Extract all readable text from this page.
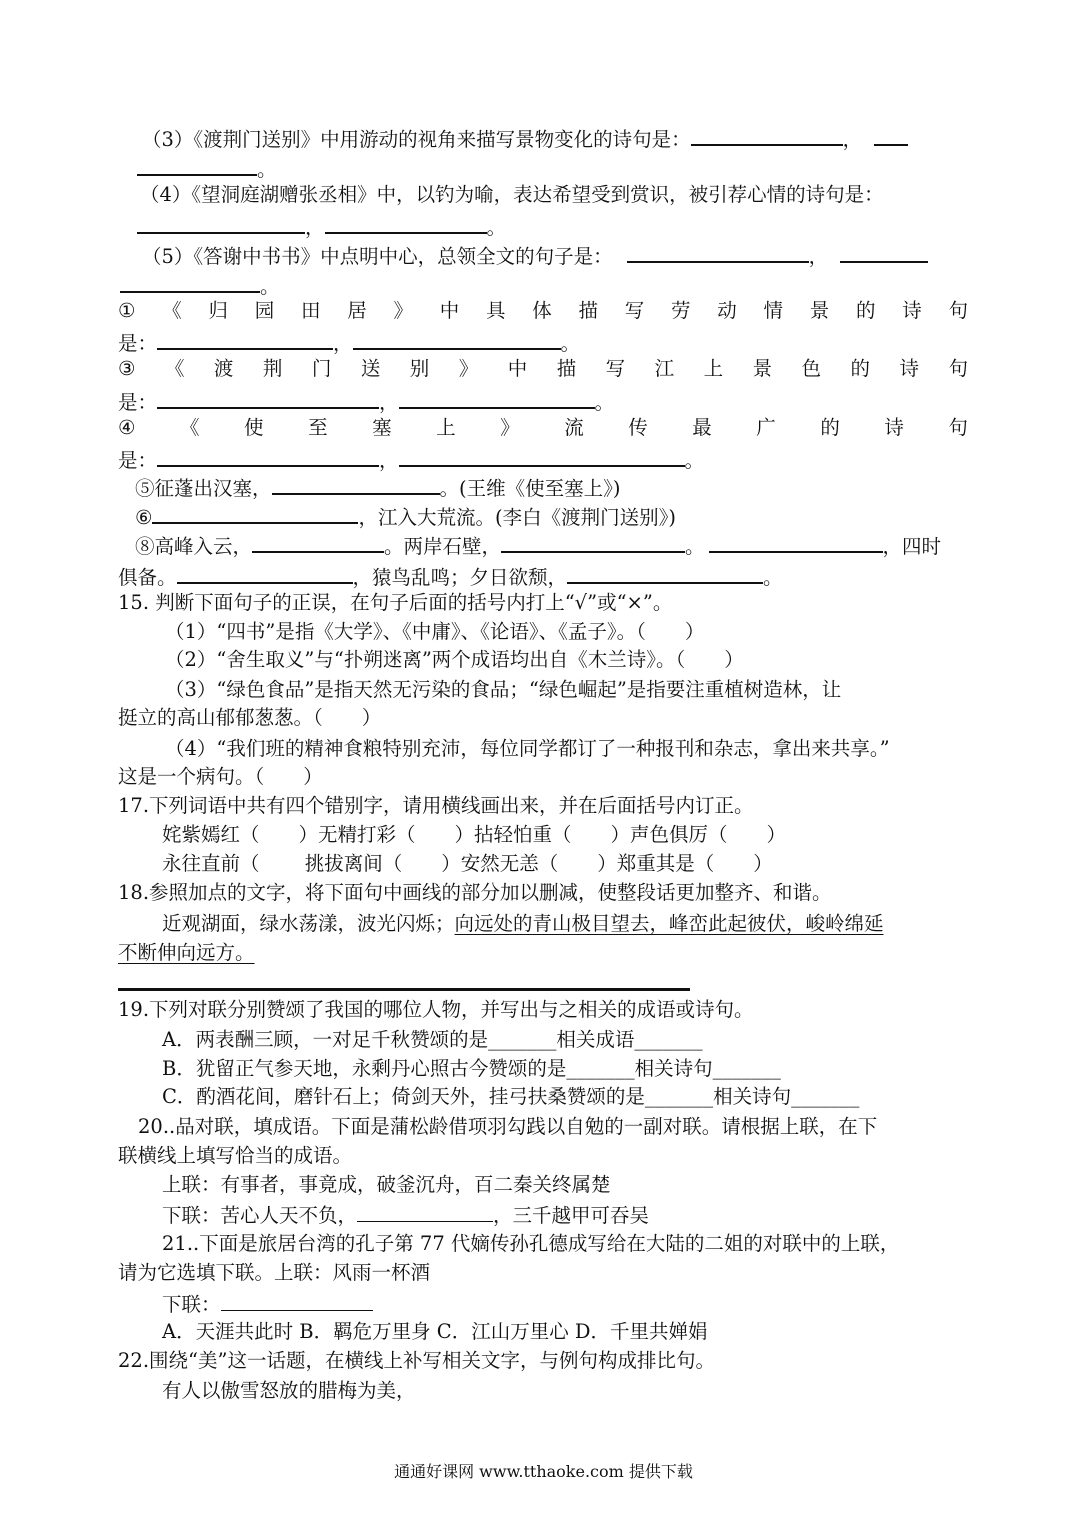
（3）《渡荆门送别》中用游动的视角来描写景物变化的诗句是：	，
。
（4）《望洞庭湖赠张丞相》中，以钓为喻，表达希望受到赏识，被引荐心情的诗句是：
，	。
（5）《答谢中书书》中点明中心，总领全文的句子是：	，
。
① 《 归 园 田 居 》 中 具 体 描 写 劳 动 情 景 的 诗 句
是：	，	。
③ 《 渡 荆 门 送 别 》 中 描 写 江 上 景 色 的 诗 句
是：	，	。
④ 《 使 至 塞 上 》 流 传 最 广 的 诗 句
是：	，	。
⑤征蓬出汉塞，	。(王维《使至塞上》)
⑥	，江入大荒流。(李白《渡荆门送别》)
⑧高峰入云，	。两岸石壁，	。	，四时
俱备。	，猿鸟乱鸣；夕日欲颓，	。
15. 判断下面句子的正误，在句子后面的括号内打上“√”或“×”。
（1）“四书”是指《大学》、《中庸》、《论语》、《孟子》。（　　）
（2）“舍生取义”与“扑朔迷离”两个成语均出自《木兰诗》。（　　）
（3）“绿色食品”是指天然无污染的食品；“绿色崛起”是指要注重植树造林，让
挺立的高山郁郁葱葱。（　　）
（4）“我们班的精神食粮特别充沛，每位同学都订了一种报刊和杂志，拿出来共享。”
这是一个病句。（　　）
17.下列词语中共有四个错别字，请用横线画出来，并在后面括号内订正。
姹紫嫣红（　　）无精打彩（　　）拈轻怕重（　　）声色俱厉（　　）
永往直前（　　 挑拔离间（　　）安然无恙（　　）郑重其是（　　）
18.参照加点的文字，将下面句中画线的部分加以删减，使整段话更加整齐、和谐。
近观湖面，绿水荡漾，波光闪烁；向远处的青山极目望去，峰峦此起彼伏，峻岭绵延
不断伸向远方。
19.下列对联分别赞颂了我国的哪位人物，并写出与之相关的成语或诗句。
A．两表酬三顾，一对足千秋赞颂的是_______相关成语_______
B．犹留正气参天地，永剩丹心照古今赞颂的是_______相关诗句_______
C．酌酒花间，磨针石上；倚剑天外，挂弓扶桑赞颂的是_______相关诗句_______
20..品对联，填成语。下面是蒲松龄借项羽勾践以自勉的一副对联。请根据上联，在下
联横线上填写恰当的成语。
上联：有事者，事竟成，破釜沉舟，百二秦关终属楚
下联：苦心人天不负，	，三千越甲可吞吴
21..下面是旅居台湾的孔子第 77 代嫡传孙孔德成写给在大陆的二姐的对联中的上联，
请为它选填下联。上联：风雨一杯酒
下联：
A．天涯共此时 B．羁危万里身 C．江山万里心 D．千里共婵娟
22.围绕“美”这一话题，在横线上补写相关文字，与例句构成排比句。
有人以傲雪怒放的腊梅为美，
通通好课网 www.tthaoke.com 提供下载
